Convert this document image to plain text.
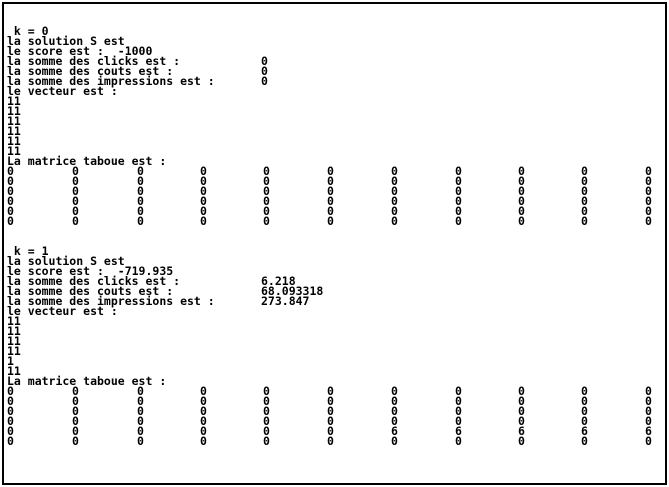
k = 0
la solution S est
le score est :  -1000
la somme des clicks est :	0
la somme des couts est :	0
la somme des impressions est :	0
le vecteur est :
11
11
11
11
11
11
La matrice taboue est :
0	0	0	0	0	0	0	0	0	0	0
0	0	0	0	0	0	0	0	0	0	0
0	0	0	0	0	0	0	0	0	0	0
0	0	0	0	0	0	0	0	0	0	0
0	0	0	0	0	0	0	0	0	0	0
0	0	0	0	0	0	0	0	0	0	0
k = 1
la solution S est
le score est :  -719.935
la somme des clicks est :	6.218
la somme des couts est :	68.093318
la somme des impressions est :	273.847
le vecteur est :
11
11
11
11
1
11
La matrice taboue est :
0	0	0	0	0	0	0	0	0	0	0
0	0	0	0	0	0	0	0	0	0	0
0	0	0	0	0	0	0	0	0	0	0
0	0	0	0	0	0	0	0	0	0	0
0	0	0	0	0	0	6	6	6	6	6
0	0	0	0	0	0	0	0	0	0	0
